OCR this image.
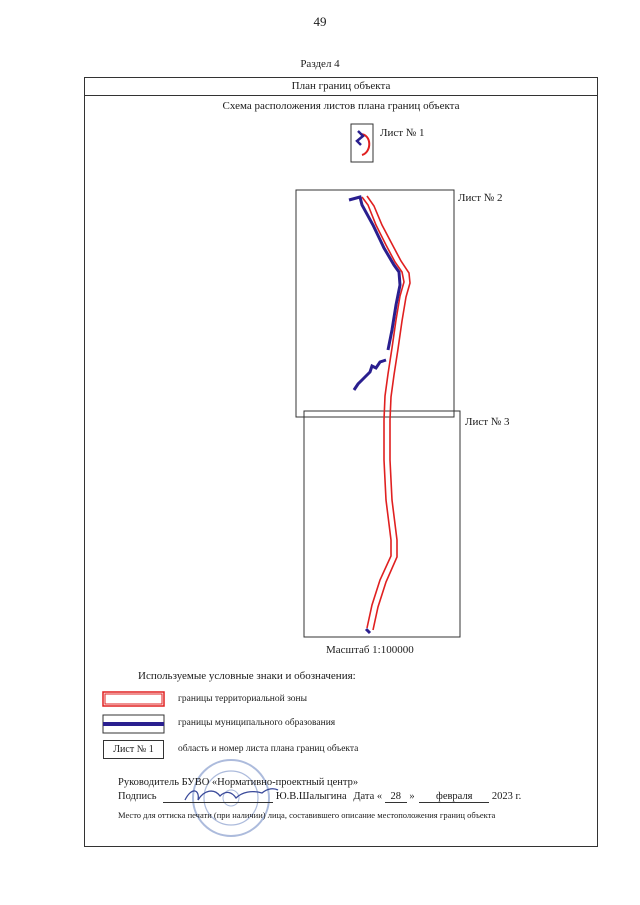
49
Раздел 4
План границ объекта
Схема расположения листов плана границ объекта
Лист № 1
Лист № 2
Лист № 3
Масштаб 1:100000
Используемые условные знаки и обозначения:
границы территориальной зоны
границы муниципального образования
Лист № 1	область и номер листа плана границ объекта
Руководитель БУВО «Нормативно-проектный центр»
Подпись	Ю.В.Шалыгина Дата « 28 » февраля 2023 г.
Место для оттиска печати (при наличии) лица, составившего описание местоположения границ объекта
